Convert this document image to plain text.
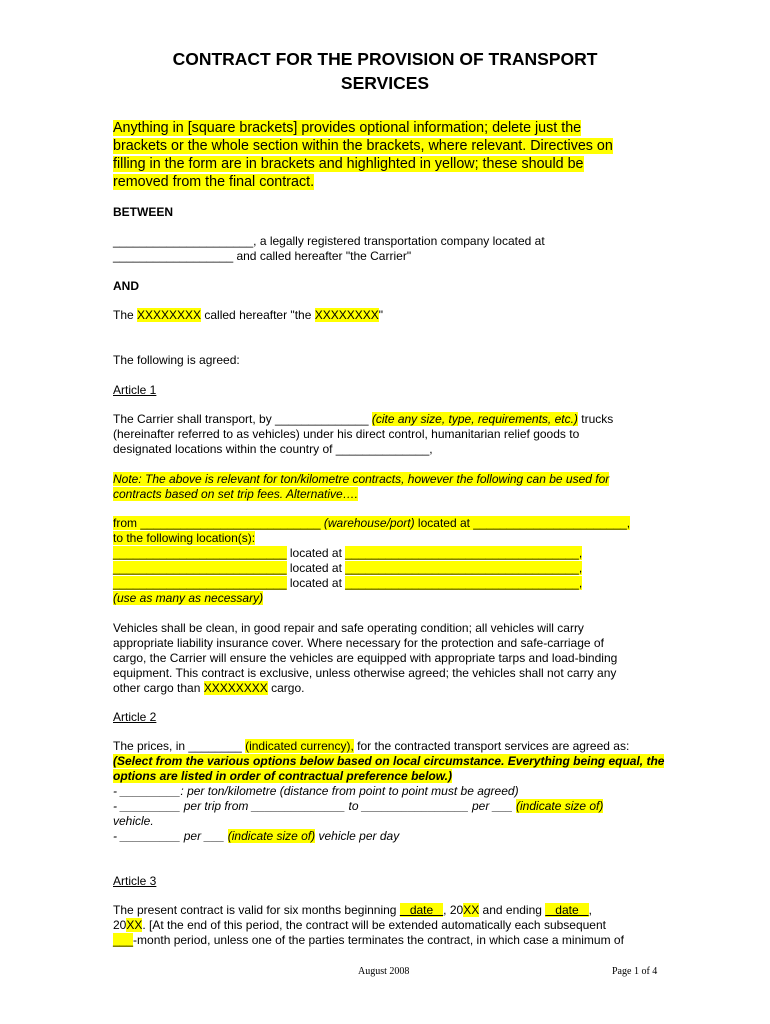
CONTRACT FOR THE PROVISION OF TRANSPORT
SERVICES
Anything in [square brackets] provides optional information; delete just the
brackets or the whole section within the brackets, where relevant. Directives on
filling in the form are in brackets and highlighted in yellow; these should be
removed from the final contract.
BETWEEN
_____________________, a legally registered transportation company located at
__________________ and called hereafter "the Carrier"
AND
The XXXXXXXX called hereafter "the XXXXXXXX"
The following is agreed:
Article 1
The Carrier shall transport, by ______________ (cite any size, type, requirements, etc.) trucks
(hereinafter referred to as vehicles) under his direct control, humanitarian relief goods to
designated locations within the country of ______________,
Note: The above is relevant for ton/kilometre contracts, however the following can be used for
contracts based on set trip fees. Alternative….
from ___________________________ (warehouse/port) located at _______________________,
to the following location(s):
__________________________ located at ___________________________________,
__________________________ located at ___________________________________,
__________________________ located at ___________________________________,
(use as many as necessary)
Vehicles shall be clean, in good repair and safe operating condition; all vehicles will carry
appropriate liability insurance cover. Where necessary for the protection and safe-carriage of
cargo, the Carrier will ensure the vehicles are equipped with appropriate tarps and load-binding
equipment. This contract is exclusive, unless otherwise agreed; the vehicles shall not carry any
other cargo than XXXXXXXX cargo.
Article 2
The prices, in ________ (indicated currency), for the contracted transport services are agreed as:
(Select from the various options below based on local circumstance. Everything being equal, the
options are listed in order of contractual preference below.)
- _________: per ton/kilometre (distance from point to point must be agreed)
- _________ per trip from ______________ to ________________ per ___ (indicate size of)
vehicle.
- _________ per ___ (indicate size of) vehicle per day
Article 3
The present contract is valid for six months beginning    date   , 20XX and ending    date   ,
20XX. [At the end of this period, the contract will be extended automatically each subsequent
___-month period, unless one of the parties terminates the contract, in which case a minimum of
August 2008	Page 1 of 4
